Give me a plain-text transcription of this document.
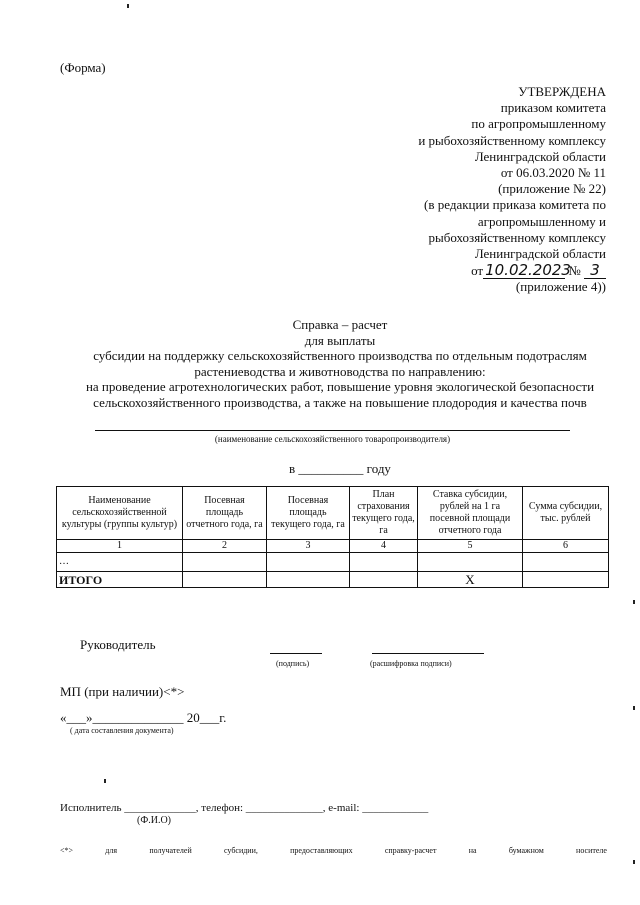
(Форма)
УТВЕРЖДЕНА
приказом комитета
по агропромышленному
и рыбохозяйственному комплексу
Ленинградской области
от 06.03.2020 № 11
(приложение № 22)
(в редакции приказа комитета по
агропромышленному и
рыбохозяйственному комплексу
Ленинградской области
от 10.02.2023 № 3
(приложение 4))
Справка – расчет
для выплаты
субсидии на поддержку сельскохозяйственного производства по отдельным подотраслям
растениеводства и животноводства по направлению:
на проведение агротехнологических работ, повышение уровня экологической безопасности
сельскохозяйственного производства, а также на повышение плодородия и качества почв
(наименование сельскохозяйственного товаропроизводителя)
в __________ году
Наименование сельскохозяйственной культуры (группы культур)	Посевная площадь отчетного года, га	Посевная площадь текущего года, га	План страхования текущего года, га	Ставка субсидии, рублей на 1 га посевной площади отчетного года	Сумма субсидии, тыс. рублей
1	2	3	4	5	6
…					
ИТОГО				Х	
Руководитель
(подпись)	(расшифровка подписи)
МП (при наличии)<*>
«___»______________ 20___г.
( дата составления документа)
Исполнитель _____________, телефон: ______________, e-mail: ____________
(Ф.И.О)
<*>	для	получателей	субсидии,	предоставляющих	справку-расчет	на	бумажном	носителе
